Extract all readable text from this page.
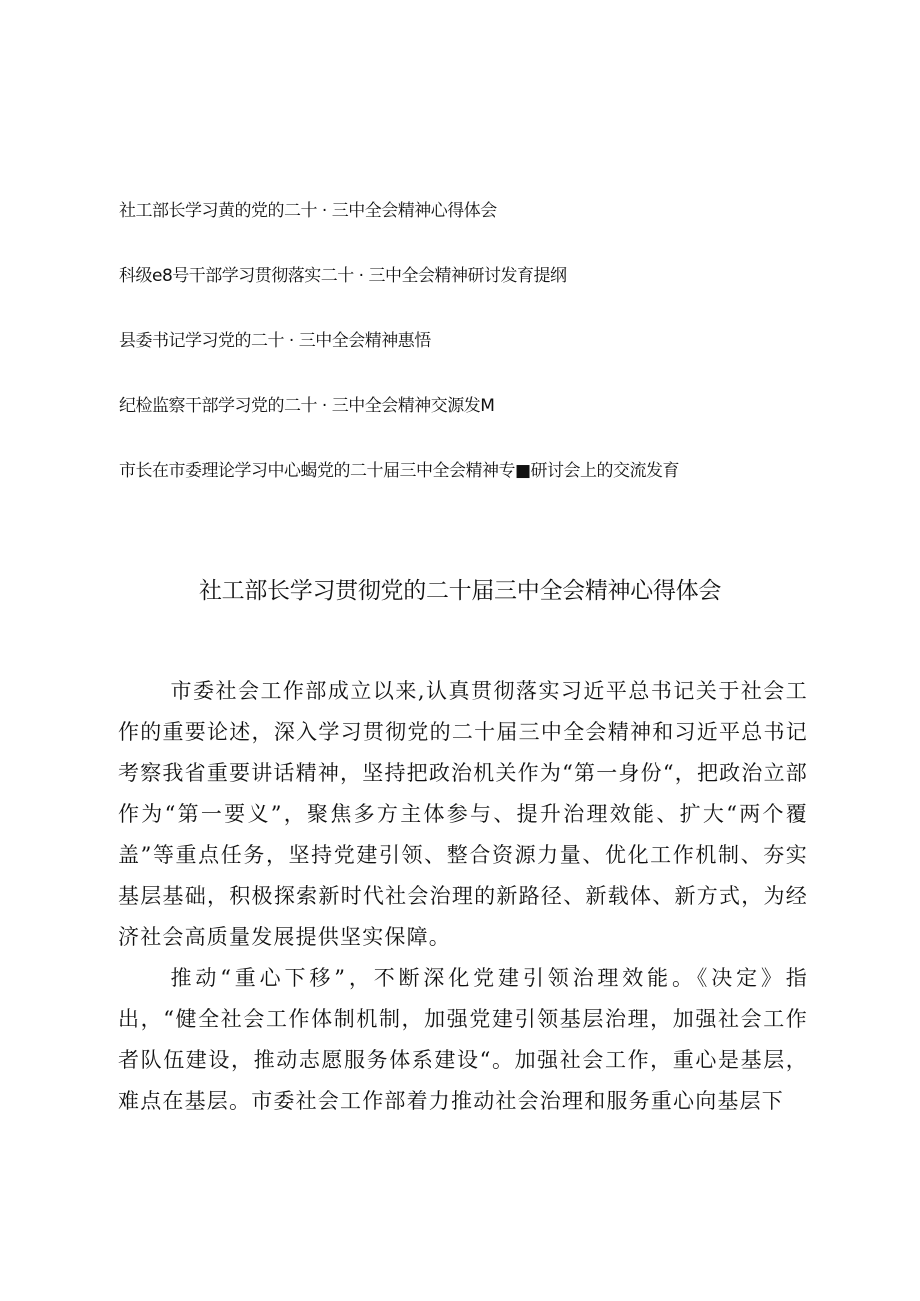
社工部长学习黄的党的二十 · 三中全会精神心得体会
科级e8号干部学习贯彻落实二十 · 三中全会精神研讨发育提纲
县委书记学习党的二十 · 三中全会精神惠悟
纪检监察干部学习党的二十 · 三中全会精神交源发M
市长在市委理论学习中心蝎党的二十届三中全会精神专■研讨会上的交流发育
社工部长学习贯彻党的二十届三中全会精神心得体会

市委社会工作部成立以来,认真贯彻落实习近平总书记关于社会工作的重要论述，深入学习贯彻党的二十届三中全会精神和习近平总书记考察我省重要讲话精神，坚持把政治机关作为“第一身份“，把政治立部作为“第一要义”，聚焦多方主体参与、提升治理效能、扩大“两个覆盖”等重点任务，坚持党建引领、整合资源力量、优化工作机制、夯实基层基础，积极探索新时代社会治理的新路径、新载体、新方式，为经济社会高质量发展提供坚实保障。

推动“重心下移”，不断深化党建引领治理效能。《决定》指出，“健全社会工作体制机制，加强党建引领基层治理，加强社会工作者队伍建设，推动志愿服务体系建设“。加强社会工作，重心是基层，难点在基层。市委社会工作部着力推动社会治理和服务重心向基层下
